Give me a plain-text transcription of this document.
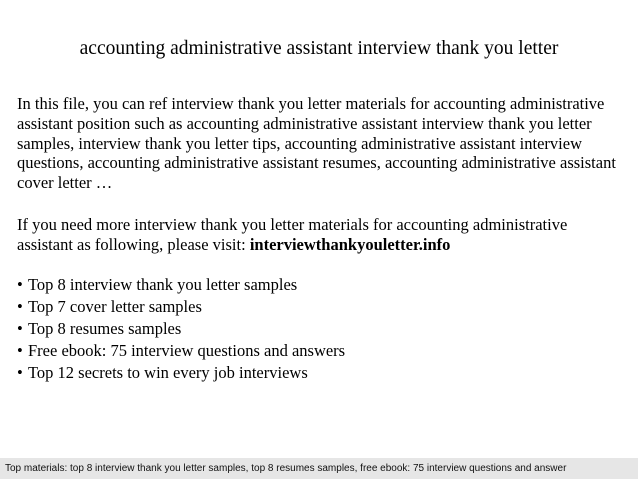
accounting administrative assistant interview thank you letter

In this file, you can ref interview thank you letter materials for accounting administrative assistant position such as accounting administrative assistant interview thank you letter samples, interview thank you letter tips, accounting administrative assistant interview questions, accounting administrative assistant resumes, accounting administrative assistant cover letter …

If you need more interview thank you letter materials for accounting administrative assistant as following, please visit: interviewthankyouletter.info

• Top 8 interview thank you letter samples
• Top 7 cover letter samples
• Top 8 resumes samples
• Free ebook: 75 interview questions and answers
• Top 12 secrets to win every job interviews
Top materials: top 8 interview thank you letter samples, top 8 resumes samples, free ebook: 75 interview questions and answer
